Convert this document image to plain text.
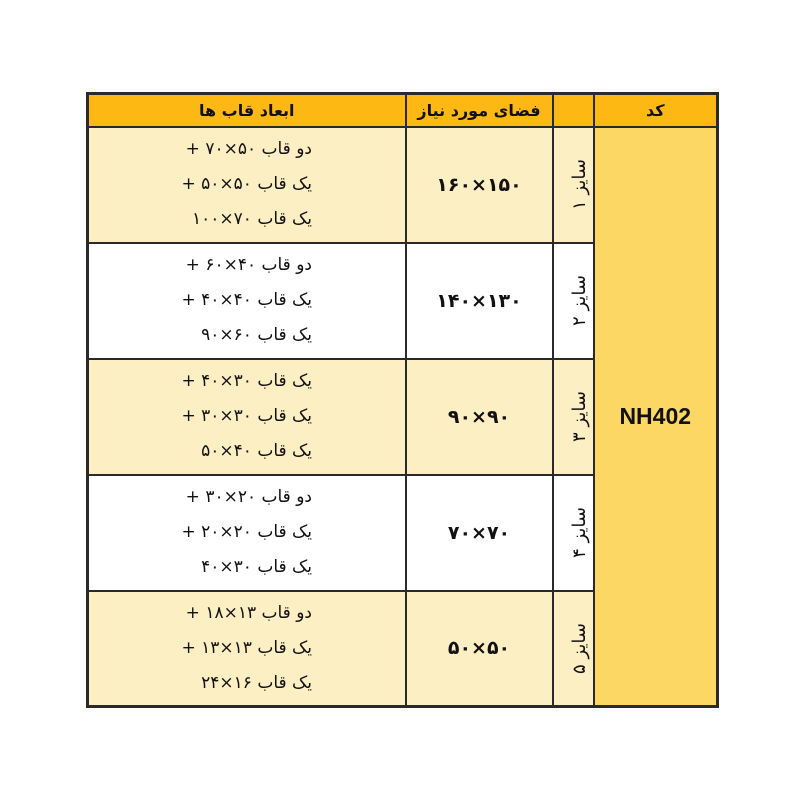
ابعاد قاب ها	فضای مورد نیاز		کد

دو قاب ۵۰×۷۰ +
یک قاب ۵۰×۵۰ +
یک قاب ۷۰×۱۰۰	۱۶۰×۱۵۰	سایز ۱	NH402

دو قاب ۴۰×۶۰ +
یک قاب ۴۰×۴۰ +
یک قاب ۶۰×۹۰	۱۴۰×۱۳۰	سایز ۲	

یک قاب ۳۰×۴۰ +
یک قاب ۳۰×۳۰ +
یک قاب ۴۰×۵۰	۹۰×۹۰	سایز ۳	

دو قاب ۲۰×۳۰ +
یک قاب ۲۰×۲۰ +
یک قاب ۳۰×۴۰	۷۰×۷۰	سایز ۴	

دو قاب ۱۳×۱۸ +
یک قاب ۱۳×۱۳ +
یک قاب ۱۶×۲۴	۵۰×۵۰	سایز ۵	
